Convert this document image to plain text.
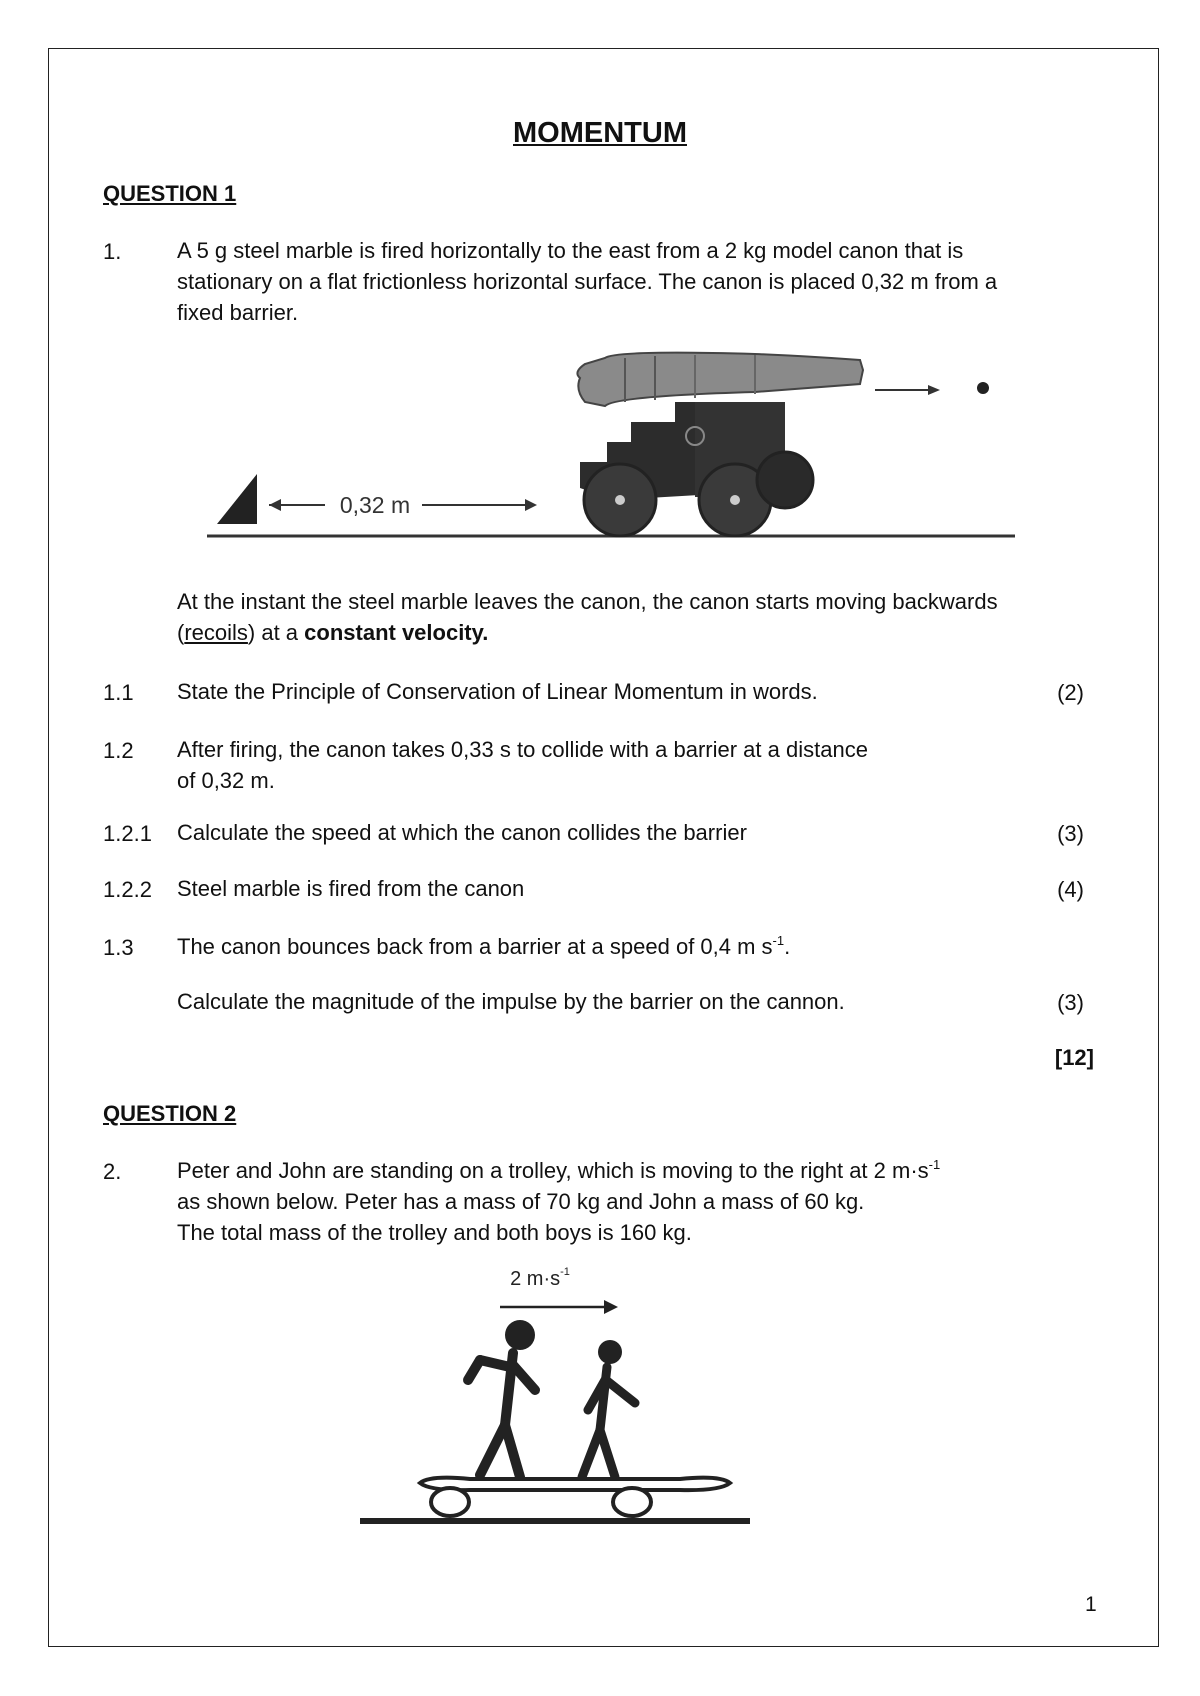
MOMENTUM
QUESTION 1
1.	A 5 g steel marble is fired horizontally to the east from a 2 kg model canon that is
stationary on a flat frictionless horizontal surface. The canon is placed 0,32 m from a
fixed barrier.
0,32 m
At the instant the steel marble leaves the canon, the canon starts moving backwards
(recoils) at a constant velocity.
1.1 State the Principle of Conservation of Linear Momentum in words.	(2)
1.2 After firing, the canon takes 0,33 s to collide with a barrier at a distance
of 0,32 m.
1.2.1 Calculate the speed at which the canon collides the barrier	(3)
1.2.2 Steel marble is fired from the canon	(4)
1.3 The canon bounces back from a barrier at a speed of 0,4 m $s^{-1}$.
Calculate the magnitude of the impulse by the barrier on the cannon.	(3)
[12]
QUESTION 2
2.	Peter and John are standing on a trolley, which is moving to the right at 2 $m\cdot s^{-1}$
as shown below. Peter has a mass of 70 kg and John a mass of 60 kg.
The total mass of the trolley and both boys is 160 kg.
2 $m\cdot s^{-1}$
1
